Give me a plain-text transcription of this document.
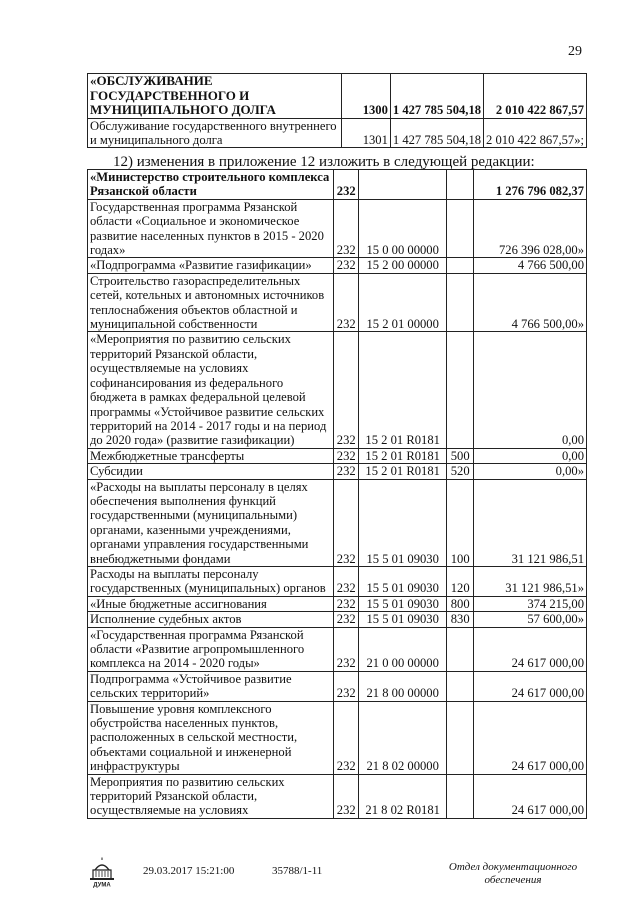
29
«ОБСЛУЖИВАНИЕ ГОСУДАРСТВЕННОГО И МУНИЦИПАЛЬНОГО ДОЛГА	1300	1 427 785 504,18	2 010 422 867,57
Обслуживание государственного внутреннего и муниципального долга	1301	1 427 785 504,18	2 010 422 867,57»;
12) изменения в приложение 12 изложить в следующей редакции:
«Министерство строительного комплекса Рязанской области	232			1 276 796 082,37
Государственная программа Рязанской области «Социальное и экономическое развитие населенных пунктов в 2015 - 2020 годах»	232	15 0 00 00000		726 396 028,00»
«Подпрограмма «Развитие газификации»	232	15 2 00 00000		4 766 500,00
Строительство газораспределительных сетей, котельных и автономных источников теплоснабжения объектов областной и муниципальной собственности	232	15 2 01 00000		4 766 500,00»
«Мероприятия по развитию сельских территорий Рязанской области, осуществляемые на условиях софинансирования из федерального бюджета в рамках федеральной целевой программы «Устойчивое развитие сельских территорий на 2014 - 2017 годы и на период до 2020 года» (развитие газификации)	232	15 2 01 R0181		0,00
Межбюджетные трансферты	232	15 2 01 R0181	500	0,00
Субсидии	232	15 2 01 R0181	520	0,00»
«Расходы на выплаты персоналу в целях обеспечения выполнения функций государственными (муниципальными) органами, казенными учреждениями, органами управления государственными внебюджетными фондами	232	15 5 01 09030	100	31 121 986,51
Расходы на выплаты персоналу государственных (муниципальных) органов	232	15 5 01 09030	120	31 121 986,51»
«Иные бюджетные ассигнования	232	15 5 01 09030	800	374 215,00
Исполнение судебных актов	232	15 5 01 09030	830	57 600,00»
«Государственная программа Рязанской области «Развитие агропромышленного комплекса на 2014 - 2020 годы»	232	21 0 00 00000		24 617 000,00
Подпрограмма «Устойчивое развитие сельских территорий»	232	21 8 00 00000		24 617 000,00
Повышение уровня комплексного обустройства населенных пунктов, расположенных в сельской местности, объектами социальной и инженерной инфраструктуры	232	21 8 02 00000		24 617 000,00
Мероприятия по развитию сельских территорий Рязанской области, осуществляемые на условиях	232	21 8 02 R0181		24 617 000,00
ДУМА
29.03.2017 15:21:00	35788/1-11	Отдел документационного
обеспечения
